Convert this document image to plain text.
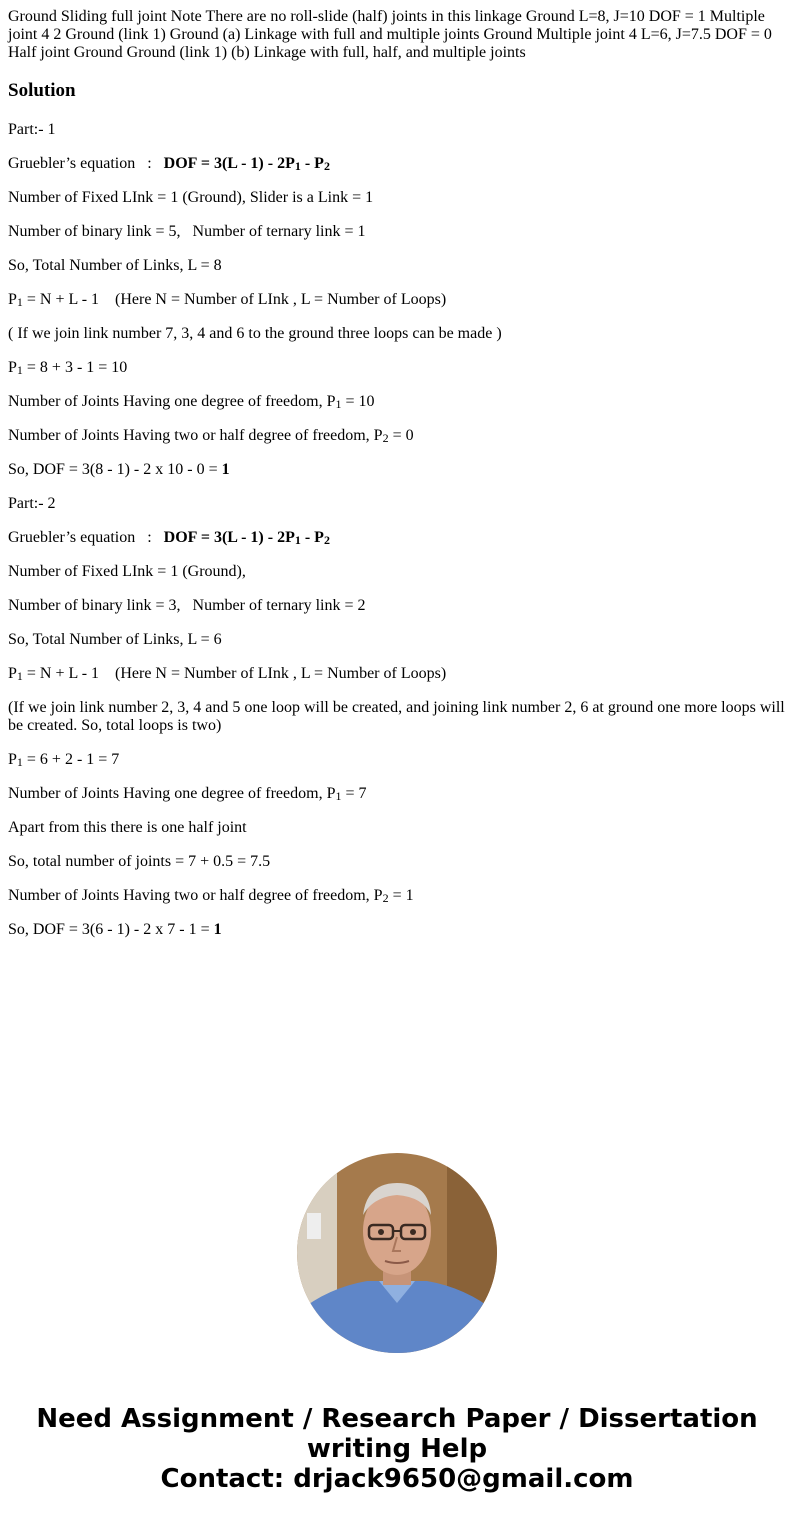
Ground Sliding full joint Note There are no roll-slide (half) joints in this linkage Ground L=8, J=10 DOF = 1 Multiple joint 4 2 Ground (link 1) Ground (a) Linkage with full and multiple joints Ground Multiple joint 4 L=6, J=7.5 DOF = 0 Half joint Ground Ground (link 1) (b) Linkage with full, half, and multiple joints

Solution

Part:- 1

Gruebler’s equation   : DOF = $3(L - 1) - 2P_1 - P_2$

Number of Fixed LInk = 1 (Ground), Slider is a Link = 1

Number of binary link = 5, Number of ternary link = 1

So, Total Number of Links, L = 8

$P_1 = N + L - 1$    (Here N = Number of LInk , L = Number of Loops)

( If we join link number 7, 3, 4 and 6 to the ground three loops can be made )

$P_1 = 8 + 3 - 1 = 10$

Number of Joints Having one degree of freedom, $P_1 = 10$

Number of Joints Having two or half degree of freedom, $P_2 = 0$

So, DOF = 3(8 - 1) - 2 x 10 - 0 = 1

Part:- 2

Gruebler’s equation   : DOF = $3(L - 1) - 2P_1 - P_2$

Number of Fixed LInk = 1 (Ground),

Number of binary link = 3, Number of ternary link = 2

So, Total Number of Links, L = 6

$P_1 = N + L - 1$    (Here N = Number of LInk , L = Number of Loops)

(If we join link number 2, 3, 4 and 5 one loop will be created, and joining link number 2, 6 at ground one more loops will be created. So, total loops is two)

$P_1 = 6 + 2 - 1 = 7$

Number of Joints Having one degree of freedom, $P_1 = 7$

Apart from this there is one half joint

So, total number of joints = 7 + 0.5 = 7.5

Number of Joints Having two or half degree of freedom, $P_2 = 1$

So, DOF = 3(6 - 1) - 2 x 7 - 1 = 1

Need Assignment / Research Paper / Dissertation
writing Help
Contact: drjack9650@gmail.com
